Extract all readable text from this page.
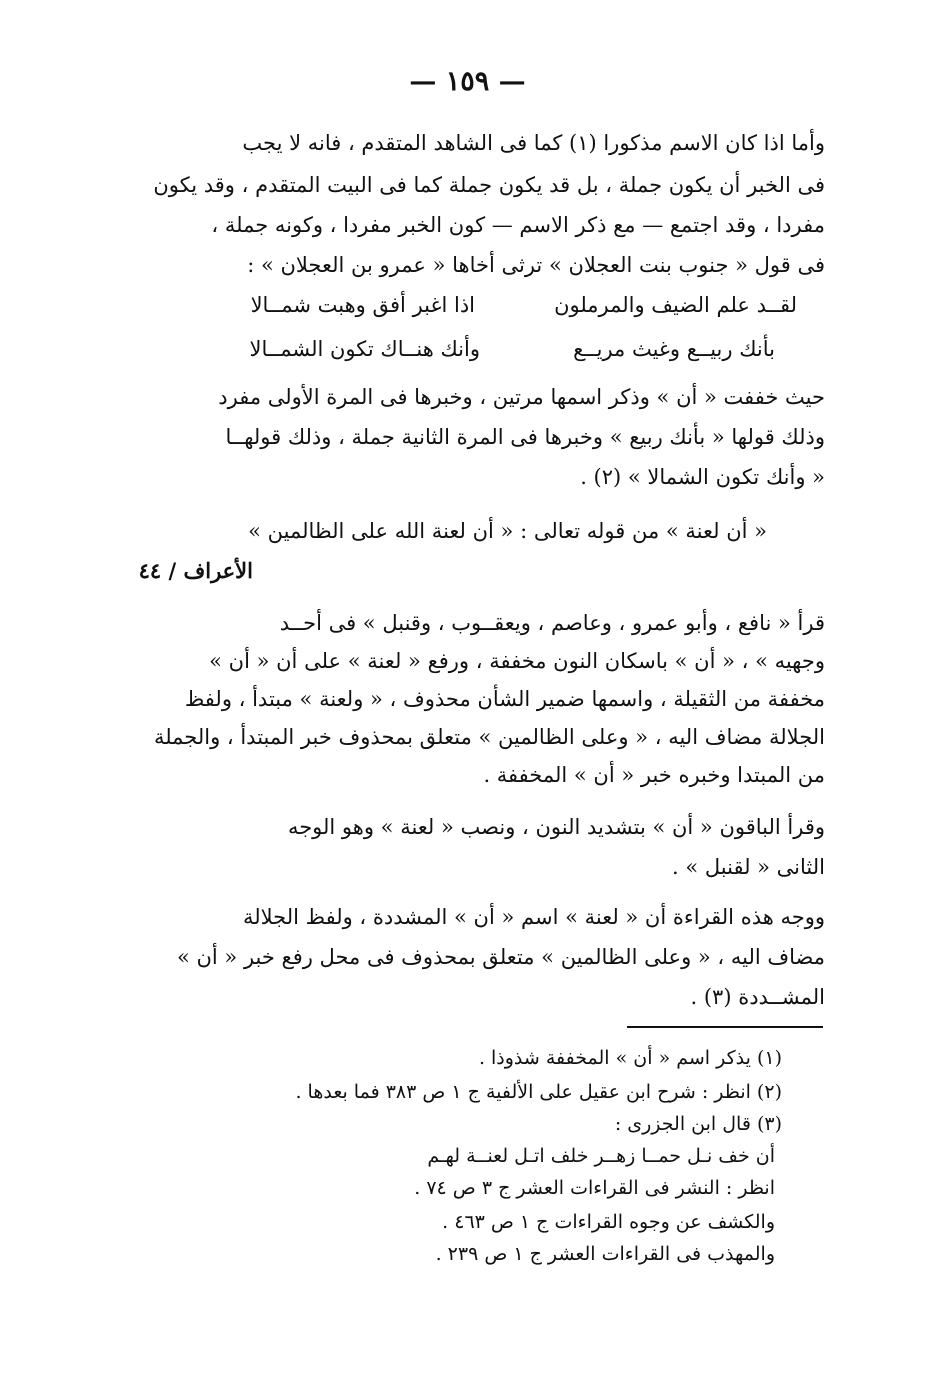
— ١٥٩ —
وأما اذا كان الاسم مذكورا (١) كما فى الشاهد المتقدم ، فانه لا يجب
فى الخبر أن يكون جملة ، بل قد يكون جملة كما فى البيت المتقدم ، وقد يكون
مفردا ، وقد اجتمع — مع ذكر الاسم — كون الخبر مفردا ، وكونه جملة ،
فى قول « جنوب بنت العجلان » ترثى أخاها « عمرو بن العجلان » :
لقــد علم الضيف والمرملون
اذا اغبر أفق وهبت شمــالا
بأنك ربيــع وغيث مريــع
وأنك هنــاك تكون الشمــالا
حيث خففت « أن » وذكر اسمها مرتين ، وخبرها فى المرة الأولى مفرد
وذلك قولها « بأنك ربيع » وخبرها فى المرة الثانية جملة ، وذلك قولهــا
« وأنك تكون الشمالا » (٢) .
« أن لعنة » من قوله تعالى : « أن لعنة الله على الظالمين »
الأعراف / ٤٤
قرأ « نافع ، وأبو عمرو ، وعاصم ، ويعقــوب ، وقنبل » فى أحــد
وجهيه » ، « أن » باسكان النون مخففة ، ورفع « لعنة » على أن « أن »
مخففة من الثقيلة ، واسمها ضمير الشأن محذوف ، « ولعنة » مبتدأ ، ولفظ
الجلالة مضاف اليه ، « وعلى الظالمين » متعلق بمحذوف خبر المبتدأ ، والجملة
من المبتدا وخبره خبر « أن » المخففة .
وقرأ الباقون « أن » بتشديد النون ، ونصب « لعنة » وهو الوجه
الثانى « لقنبل » .
ووجه هذه القراءة أن « لعنة » اسم « أن » المشددة ، ولفظ الجلالة
مضاف اليه ، « وعلى الظالمين » متعلق بمحذوف فى محل رفع خبر « أن »
المشــددة (٣) .
(١) يذكر اسم « أن » المخففة شذوذا .
(٢) انظر : شرح ابن عقيل على الألفية ج ١ ص ٣٨٣ فما بعدها .
(٣) قال ابن الجزرى :
أن خف نـل حمــا زهــر خلف اتـل لعنــة لهـم
انظر : النشر فى القراءات العشر ج ٣ ص ٧٤ .
والكشف عن وجوه القراءات ج ١ ص ٤٦٣ .
والمهذب فى القراءات العشر ج ١ ص ٢٣٩ .
